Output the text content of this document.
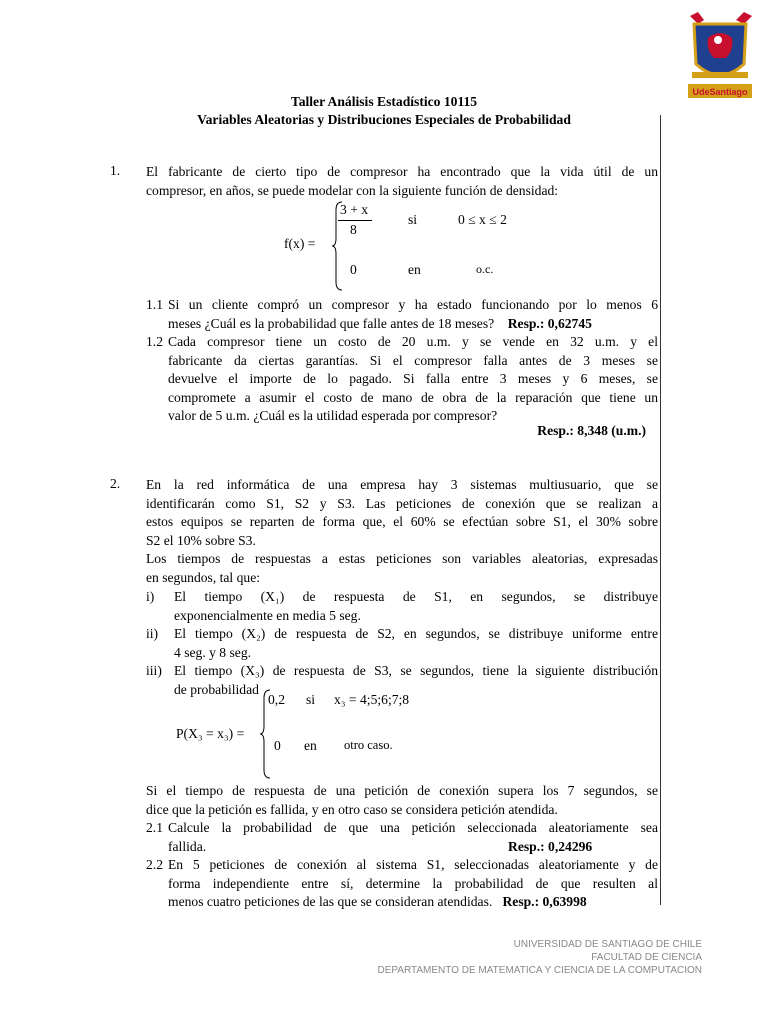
UdeSantiago
Taller Análisis Estadístico 10115
Variables Aleatorias y Distribuciones Especiales de Probabilidad
1. El fabricante de cierto tipo de compresor ha encontrado que la vida útil de un
compresor, en años, se puede modelar con la siguiente función de densidad:
f(x) =
3 + x
8
si	0 ≤ x ≤ 2
0	en	o.c.
1.1 Si un cliente compró un compresor y ha estado funcionando por lo menos 6
meses ¿Cuál es la probabilidad que falle antes de 18 meses? Resp.: 0,62745
1.2 Cada compresor tiene un costo de 20 u.m. y se vende en 32 u.m. y el
fabricante da ciertas garantías. Si el compresor falla antes de 3 meses se
devuelve el importe de lo pagado. Si falla entre 3 meses y 6 meses, se
compromete a asumir el costo de mano de obra de la reparación que tiene un
valor de 5 u.m. ¿Cuál es la utilidad esperada por compresor?
Resp.: 8,348 (u.m.)
2. En la red informática de una empresa hay 3 sistemas multiusuario, que se
identificarán como S1, S2 y S3. Las peticiones de conexión que se realizan a
estos equipos se reparten de forma que, el 60% se efectúan sobre S1, el 30% sobre
S2 el 10% sobre S3.
Los tiempos de respuestas a estas peticiones son variables aleatorias, expresadas
en segundos, tal que:
i) El tiempo (X₁) de respuesta de S1, en segundos, se distribuye
exponencialmente en media 5 seg.
ii) El tiempo (X₂) de respuesta de S2, en segundos, se distribuye uniforme entre
4 seg. y 8 seg.
iii) El tiempo (X₃) de respuesta de S3, se segundos, tiene la siguiente distribución
de probabilidad
P(X₃ = x₃) =
0,2 si x₃ = 4;5;6;7;8
0 en otro caso.
Si el tiempo de respuesta de una petición de conexión supera los 7 segundos, se
dice que la petición es fallida, y en otro caso se considera petición atendida.
2.1 Calcule la probabilidad de que una petición seleccionada aleatoriamente sea
fallida.	Resp.: 0,24296
2.2 En 5 peticiones de conexión al sistema S1, seleccionadas aleatoriamente y de
forma independiente entre sí, determine la probabilidad de que resulten al
menos cuatro peticiones de las que se consideran atendidas. Resp.: 0,63998
UNIVERSIDAD DE SANTIAGO DE CHILE
FACULTAD DE CIENCIA
DEPARTAMENTO DE MATEMATICA Y CIENCIA DE LA COMPUTACION
